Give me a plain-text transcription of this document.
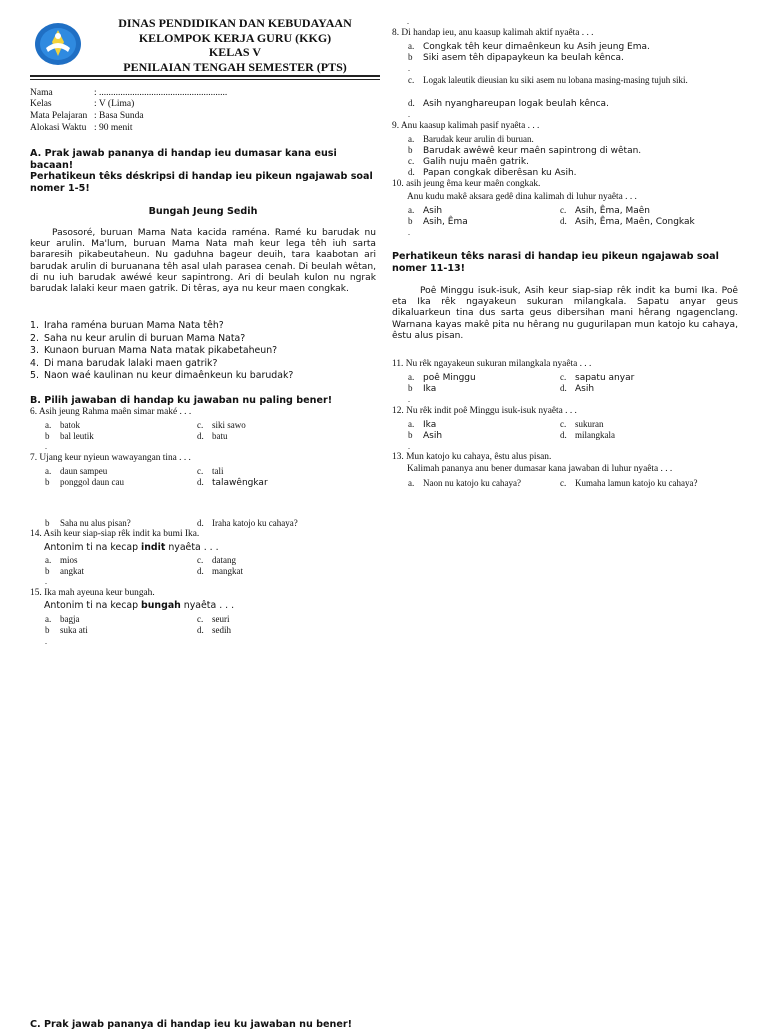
DINAS PENDIDIKAN DAN KEBUDAYAAN
KELOMPOK KERJA GURU (KKG)
KELAS V
PENILAIAN TENGAH SEMESTER (PTS)
Nama	: ......................................................
Kelas	: V (Lima)
Mata Pelajaran : Basa Sunda
Alokasi Waktu : 90 menit
A. Prak jawab pananya di handap ieu dumasar kana eusi bacaan!
Perhatikeun têks déskripsi di handap ieu pikeun ngajawab soal nomer 1-5!
Bungah Jeung Sedih
Pasosoré, buruan Mama Nata kacida raména. Ramé ku barudak nu keur arulin. Ma'lum, buruan Mama Nata mah keur lega têh iuh sarta bararesih pikabeutaheun. Nu gaduhna bageur deuih, tara kaabotan ari barudak arulin di buruanana têh asal ulah parasea cenah. Di beulah wêtan, di nu iuh barudak awéwé keur sapintrong. Ari di beulah kulon nu ngrak barudak lalaki keur maen gatrik. Di têras, aya nu keur maen congkak.
1. Iraha raména buruan Mama Nata têh?
2. Saha nu keur arulin di buruan Mama Nata?
3. Kunaon buruan Mama Nata matak pikabetaheun?
4. Di mana barudak lalaki maen gatrik?
5. Naon waé kaulinan nu keur dimaênkeun ku barudak?
B. Pilih jawaban di handap ku jawaban nu paling bener!
6. Asih jeung Rahma maên simar maké . . .
a. batok
b bal leutik
c. siki sawo
d. batu
.
7. Ujang keur nyieun wawayangan tina . . .
a. daun sampeu
b ponggol daun cau
c. tali
d. talawêngkar
b Saha nu alus pisan?	d. Iraha katojo ku cahaya?
14. Asih keur siap-siap rêk indit ka bumi Ika.
Antonim ti na kecap indit nyaêta . . .
a. mios
b angkat
c. datang
d. mangkat
.
15. Ika mah ayeuna keur bungah.
Antonim ti na kecap bungah nyaêta . . .
a. bagja
b suka ati
c. seuri
d. sedih
.
C. Prak jawab pananya di handap ieu ku jawaban nu bener!
.
8. Di handap ieu, anu kaasup kalimah aktif nyaêta . . .
a. Congkak têh keur dimaênkeun ku Asih jeung Ema.
b Siki asem têh dipapaykeun ka beulah kênca.
.
c. Logak laleutik dieusian ku siki asem nu lobana masing-masing tujuh siki.
d. Asih nyanghareupan logak beulah kênca.
.
9. Anu kaasup kalimah pasif nyaêta . . .
a. Barudak keur arulin di buruan.
b Barudak awêwê keur maên sapintrong di wêtan.
c. Galih nuju maên gatrik.
d. Papan congkak diberêsan ku Asih.
10. asih jeung êma keur maên congkak.
Anu kudu makê aksara gedê dina kalimah di luhur nyaêta . . .
a. Asih
b Asih, Êma
c. Asih, Êma, Maên
d. Asih, Êma, Maên, Congkak
.
Perhatikeun têks narasi di handap ieu pikeun ngajawab soal nomer 11-13!
Poê Minggu isuk-isuk, Asih keur siap-siap rêk indit ka bumi Ika. Poê eta Ika rêk ngayakeun sukuran milangkala. Sapatu anyar geus dikaluarkeun tina dus sarta geus dibersihan mani hêrang ngagenclang. Warnana kayas makê pita nu hêrang nu gugurilapan mun katojo ku cahaya, êstu alus pisan.
11. Nu rêk ngayakeun sukuran milangkala nyaêta . . .
a. poê Minggu
b Ika
c. sapatu anyar
d. Asih
.
12. Nu rêk indit poê Minggu isuk-isuk nyaêta . . .
a. Ika
b Asih
c. sukuran
d. milangkala
.
13. Mun katojo ku cahaya, êstu alus pisan.
Kalimah pananya anu bener dumasar kana jawaban di luhur nyaêta . . .
a. Naon nu katojo ku cahaya?	c. Kumaha lamun katojo ku cahaya?
